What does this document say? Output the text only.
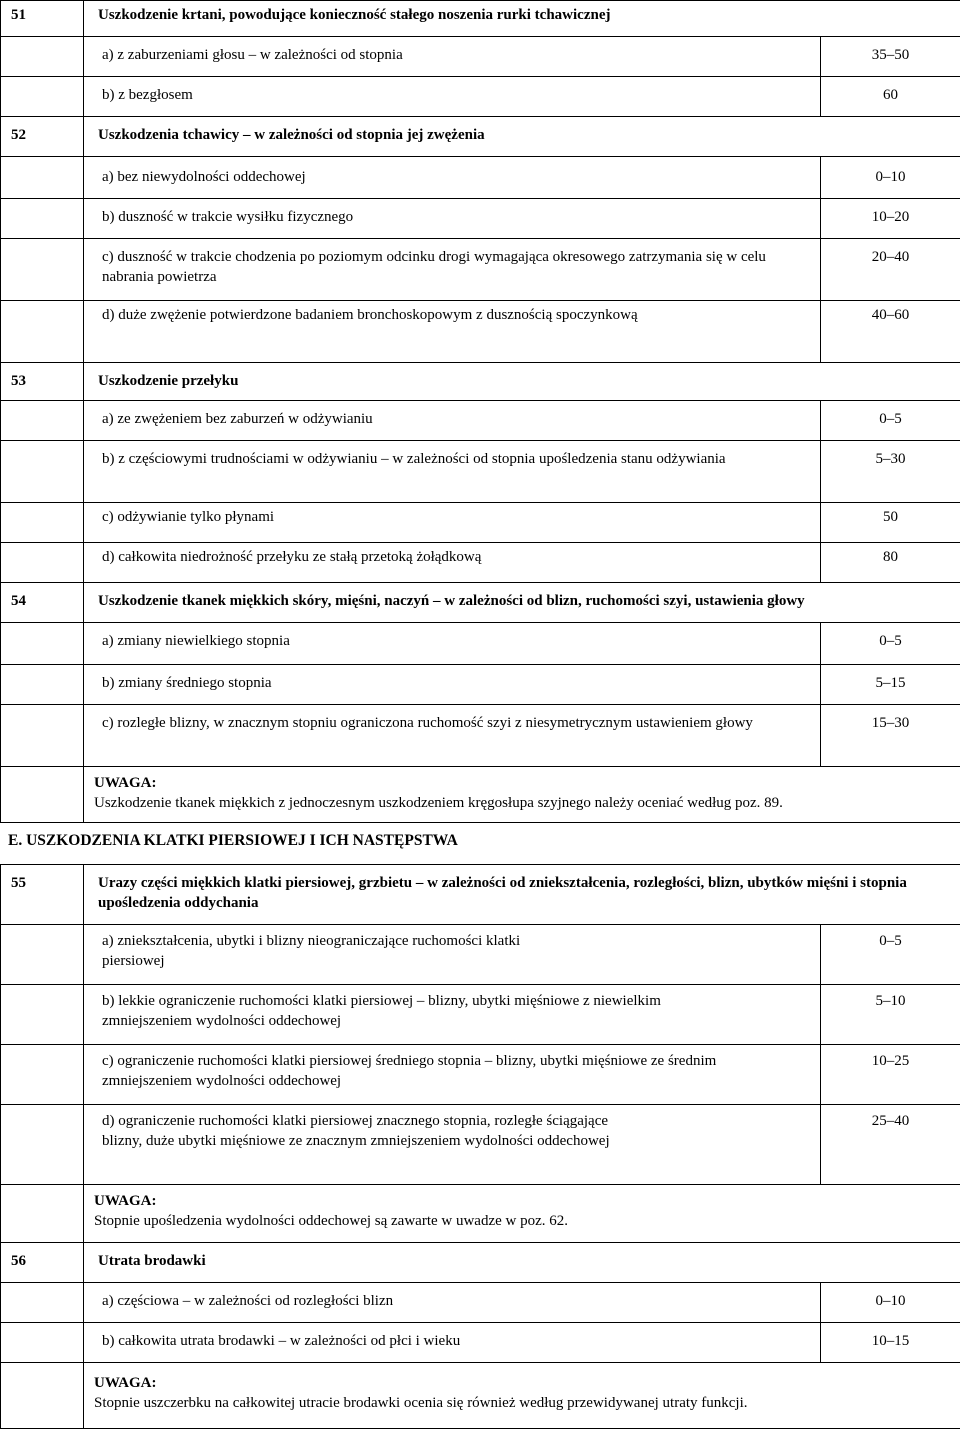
51	Uszkodzenie krtani, powodujące konieczność stałego noszenia rurki tchawicznej	
	a) z zaburzeniami głosu – w zależności od stopnia	35–50
	b) z bezgłosem	60
52	Uszkodzenia tchawicy – w zależności od stopnia jej zwężenia	
	a) bez niewydolności oddechowej	0–10
	b) duszność w trakcie wysiłku fizycznego	10–20
	c) duszność w trakcie chodzenia po poziomym odcinku drogi wymagająca okresowego zatrzymania się w celu nabrania powietrza	20–40
	d) duże zwężenie potwierdzone badaniem bronchoskopowym z dusznością spoczynkową	40–60
53	Uszkodzenie przełyku	
	a) ze zwężeniem bez zaburzeń w odżywianiu	0–5
	b) z częściowymi trudnościami w odżywianiu – w zależności od stopnia upośledzenia stanu odżywiania	5–30
	c) odżywianie tylko płynami	50
	d) całkowita niedrożność przełyku ze stałą przetoką żołądkową	80
54	Uszkodzenie tkanek miękkich skóry, mięśni, naczyń – w zależności od blizn, ruchomości szyi, ustawienia głowy	
	a) zmiany niewielkiego stopnia	0–5
	b) zmiany średniego stopnia	5–15
	c) rozległe blizny, w znacznym stopniu ograniczona ruchomość szyi z niesymetrycznym ustawieniem głowy	15–30

	UWAGA:
Uszkodzenie tkanek miękkich z jednoczesnym uszkodzeniem kręgosłupa szyjnego należy oceniać według poz. 89.	
E. USZKODZENIA KLATKI PIERSIOWEJ I ICH NASTĘPSTWA
55	Urazy części miękkich klatki piersiowej, grzbietu – w zależności od zniekształcenia, rozległości, blizn, ubytków mięśni i stopnia upośledzenia oddychania	
	a) zniekształcenia, ubytki i blizny nieograniczające ruchomości klatki piersiowej	0–5
	b) lekkie ograniczenie ruchomości klatki piersiowej – blizny, ubytki mięśniowe z niewielkim zmniejszeniem wydolności oddechowej	5–10
	c) ograniczenie ruchomości klatki piersiowej średniego stopnia – blizny, ubytki mięśniowe ze średnim zmniejszeniem wydolności oddechowej	10–25
	d) ograniczenie ruchomości klatki piersiowej znacznego stopnia, rozległe ściągające blizny, duże ubytki mięśniowe ze znacznym zmniejszeniem wydolności oddechowej	25–40

	UWAGA:
Stopnie upośledzenia wydolności oddechowej są zawarte w uwadze w poz. 62.	

56	Utrata brodawki	
	a) częściowa – w zależności od rozległości blizn	0–10
	b) całkowita utrata brodawki – w zależności od płci i wieku	10–15

	UWAGA:
Stopnie uszczerbku na całkowitej utracie brodawki ocenia się również według przewidywanej utraty funkcji.	
